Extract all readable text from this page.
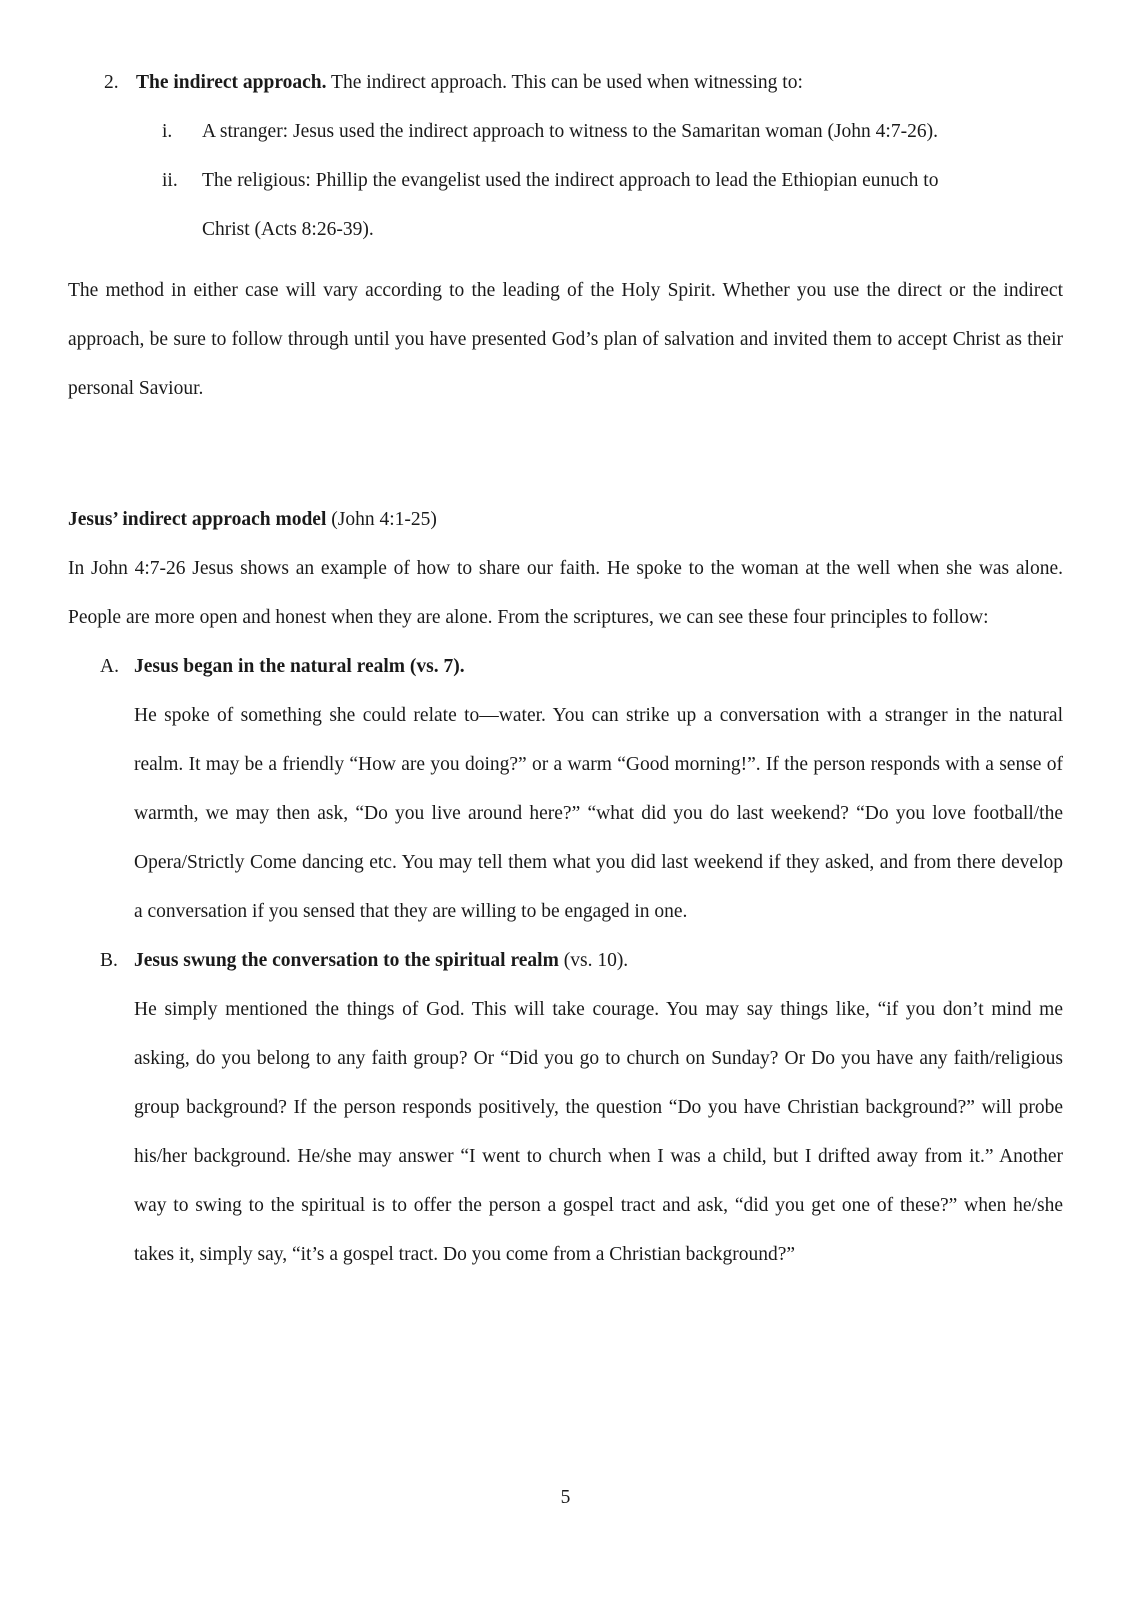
2. The indirect approach. The indirect approach. This can be used when witnessing to:

i.	A stranger: Jesus used the indirect approach to witness to the Samaritan woman (John 4:7-26).

ii.	The religious: Phillip the evangelist used the indirect approach to lead the Ethiopian eunuch to
Christ (Acts 8:26-39).

The method in either case will vary according to the leading of the Holy Spirit. Whether you use the direct or the indirect approach, be sure to follow through until you have presented God’s plan of salvation and invited them to accept Christ as their personal Saviour.

Jesus’ indirect approach model (John 4:1-25)

In John 4:7-26 Jesus shows an example of how to share our faith. He spoke to the woman at the well when she was alone. People are more open and honest when they are alone. From the scriptures, we can see these four principles to follow:

A. Jesus began in the natural realm (vs. 7).

He spoke of something she could relate to—water. You can strike up a conversation with a stranger in the natural realm. It may be a friendly “How are you doing?” or a warm “Good morning!”. If the person responds with a sense of warmth, we may then ask, “Do you live around here?” “what did you do last weekend? “Do you love football/the Opera/Strictly Come dancing etc. You may tell them what you did last weekend if they asked, and from there develop a conversation if you sensed that they are willing to be engaged in one.

B. Jesus swung the conversation to the spiritual realm (vs. 10).

He simply mentioned the things of God. This will take courage. You may say things like, “if you don’t mind me asking, do you belong to any faith group? Or “Did you go to church on Sunday? Or Do you have any faith/religious group background? If the person responds positively, the question “Do you have Christian background?” will probe his/her background. He/she may answer “I went to church when I was a child, but I drifted away from it.” Another way to swing to the spiritual is to offer the person a gospel tract and ask, “did you get one of these?” when he/she takes it, simply say, “it’s a gospel tract. Do you come from a Christian background?”

5
